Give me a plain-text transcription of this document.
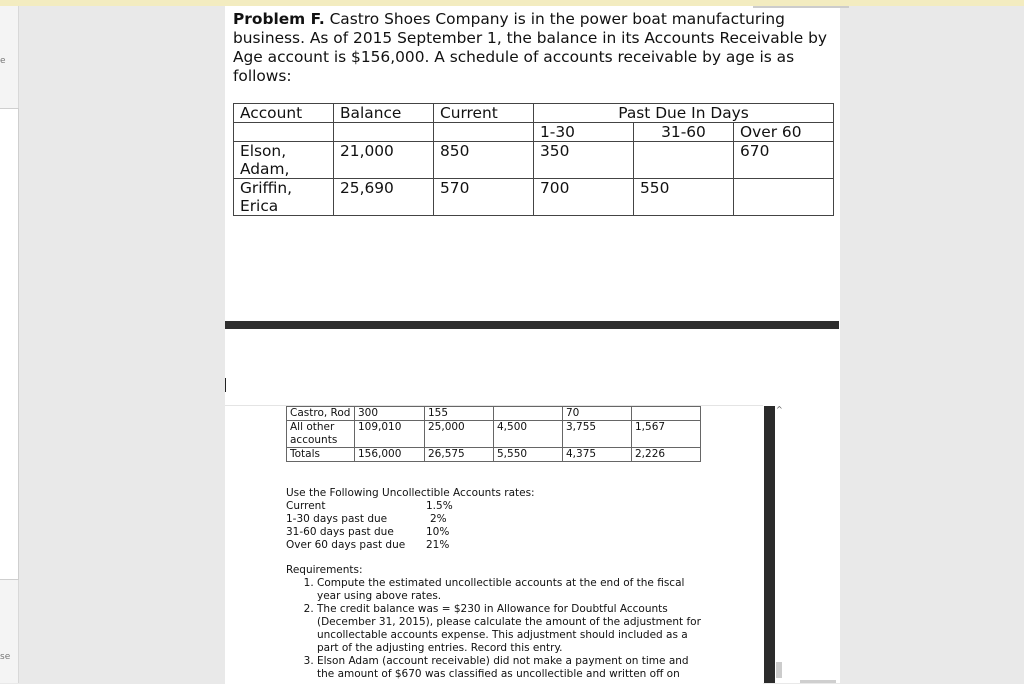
e
se
Problem F. Castro Shoes Company is in the power boat manufacturing business. As of 2015 September 1, the balance in its Accounts Receivable by Age account is $156,000. A schedule of accounts receivable by age is as follows:
Account	Balance	Current	Past Due In Days		
			1-30	31-60	Over 60
Elson, Adam,	21,000	850	350		670
Griffin, Erica	25,690	570	700	550	
Castro, Rod	300	155		70	
All other accounts	109,010	25,000	4,500	3,755	1,567
Totals	156,000	26,575	5,550	4,375	2,226
Use the Following Uncollectible Accounts rates:
Current	1.5%
1-30 days past due	2%
31-60 days past due	10%
Over 60 days past due	21%
Requirements:
1. Compute the estimated uncollectible accounts at the end of the fiscal year using above rates.
2. The credit balance was = $230 in Allowance for Doubtful Accounts (December 31, 2015), please calculate the amount of the adjustment for uncollectable accounts expense. This adjustment should included as a part of the adjusting entries. Record this entry.
3. Elson Adam (account receivable) did not make a payment on time and the amount of $670 was classified as uncollectible and written off on
^
